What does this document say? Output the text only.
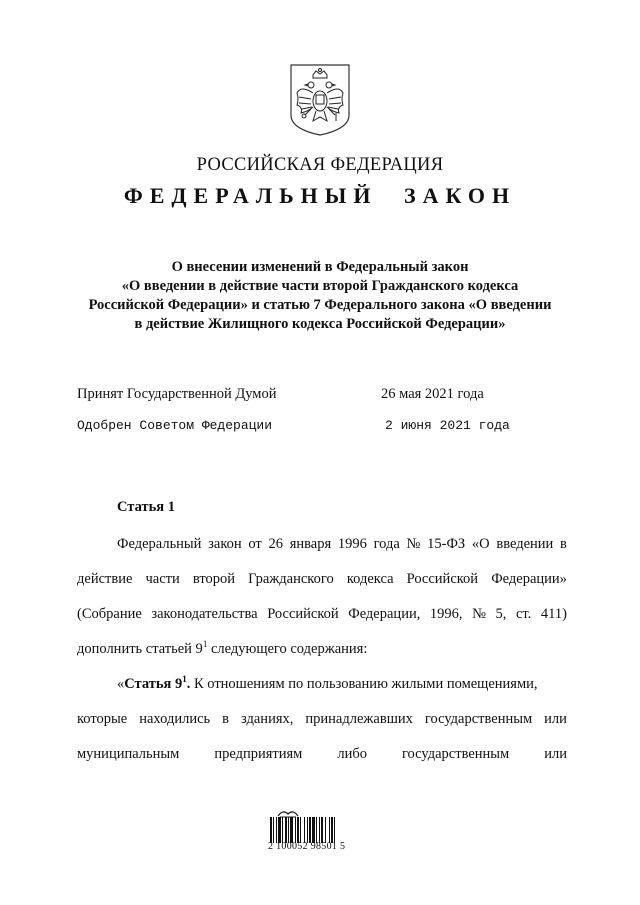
РОССИЙСКАЯ ФЕДЕРАЦИЯ
ФЕДЕРАЛЬНЫЙ ЗАКОН
О внесении изменений в Федеральный закон
«О введении в действие части второй Гражданского кодекса
Российской Федерации» и статью 7 Федерального закона «О введении
в действие Жилищного кодекса Российской Федерации»
Принят Государственной Думой	26 мая 2021 года
Одобрен Советом Федерации	2 июня 2021 года
Статья 1
Федеральный закон от 26 января 1996 года № 15-ФЗ «О введении в
действие части второй Гражданского кодекса Российской Федерации»
(Собрание законодательства Российской Федерации, 1996, № 5, ст. 411)
дополнить статьей $9^1$ следующего содержания:
«Статья $9^1$. К отношениям по пользованию жилыми помещениями,
которые находились в зданиях, принадлежавших государственным или
муниципальным предприятиям либо государственным или
2 100052 98501 5
